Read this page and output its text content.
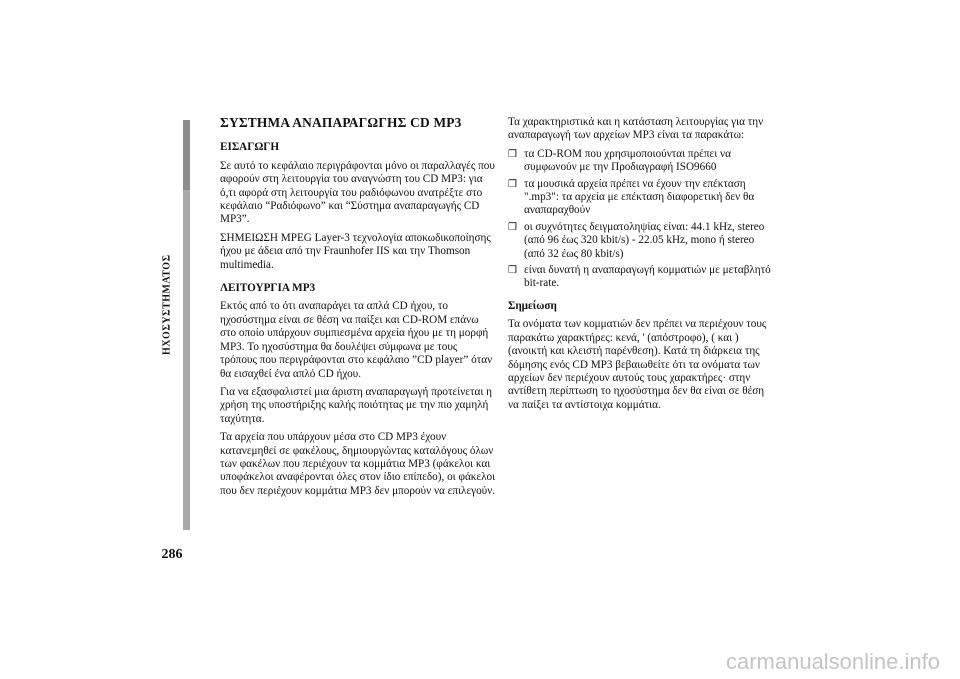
ΗΧΟΣΥΣΤΗΜΑΤΟΣ
286
ΣΥΣΤΗΜΑ ΑΝΑΠΑΡΑΓΩΓΗΣ CD MP3
ΕΙΣΑΓΩΓΗ

Σε αυτό το κεφάλαιο περιγράφονται μόνο οι παραλλαγές που αφορούν στη λειτουργία του αναγνώστη του CD MP3: για ό,τι αφορά στη λειτουργία του ραδιόφωνου ανατρέξτε στο κεφάλαιο “Ραδιόφωνο” και “Σύστημα αναπαραγωγής CD MP3”.

ΣΗΜΕΙΩΣΗ MPEG Layer-3 τεχνολογία αποκωδικοποίησης ήχου με άδεια από την Fraunhofer IIS και την Thomson multimedia.

ΛΕΙΤΟΥΡΓΙΑ MP3

Εκτός από το ότι αναπαράγει τα απλά CD ήχου, το ηχοσύστημα είναι σε θέση να παίξει και CD-ROM επάνω στο οποίο υπάρχουν συμπιεσμένα αρχεία ήχου με τη μορφή MP3. Το ηχοσύστημα θα δουλέψει σύμφωνα με τους τρόπους που περιγράφονται στο κεφάλαιο ”CD player” όταν θα εισαχθεί ένα απλό CD ήχου.

Για να εξασφαλιστεί μια άριστη αναπαραγωγή προτείνεται η χρήση της υποστήριξης καλής ποιότητας με την πιο χαμηλή ταχύτητα.

Τα αρχεία που υπάρχουν μέσα στο CD MP3 έχουν κατανεμηθεί σε φακέλους, δημιουργώντας καταλόγους όλων των φακέλων που περιέχουν τα κομμάτια MP3 (φάκελοι και υποφάκελοι αναφέρονται όλες στον ίδιο επίπεδο), οι φάκελοι που δεν περιέχουν κομμάτια MP3 δεν μπορούν να επιλεγούν.

Τα χαρακτηριστικά και η κατάσταση λειτουργίας για την αναπαραγωγή των αρχείων MP3 είναι τα παρακάτω:

❒ τα CD-ROM που χρησιμοποιούνται πρέπει να συμφωνούν με την Προδιαγραφή ISO9660
❒ τα μουσικά αρχεία πρέπει να έχουν την επέκταση ".mp3": τα αρχεία με επέκταση διαφορετική δεν θα αναπαραχθούν
❒ οι συχνότητες δειγματοληψίας είναι: 44.1 kHz, stereo (από 96 έως 320 kbit/s) - 22.05 kHz, mono ή stereo (από 32 έως 80 kbit/s)
❒ είναι δυνατή η αναπαραγωγή κομματιών με μεταβλητό bit-rate.
Σημείωση

Τα ονόματα των κομματιών δεν πρέπει να περιέχουν τους παρακάτω χαρακτήρες: κενά, ' (απόστροφο), ( και ) (ανοικτή και κλειστή παρένθεση). Κατά τη διάρκεια της δόμησης ενός CD MP3 βεβαιωθείτε ότι τα ονόματα των αρχείων δεν περιέχουν αυτούς τους χαρακτήρες· στην αντίθετη περίπτωση το ηχοσύστημα δεν θα είναι σε θέση να παίξει τα αντίστοιχα κομμάτια.

carmanualsonline.info
